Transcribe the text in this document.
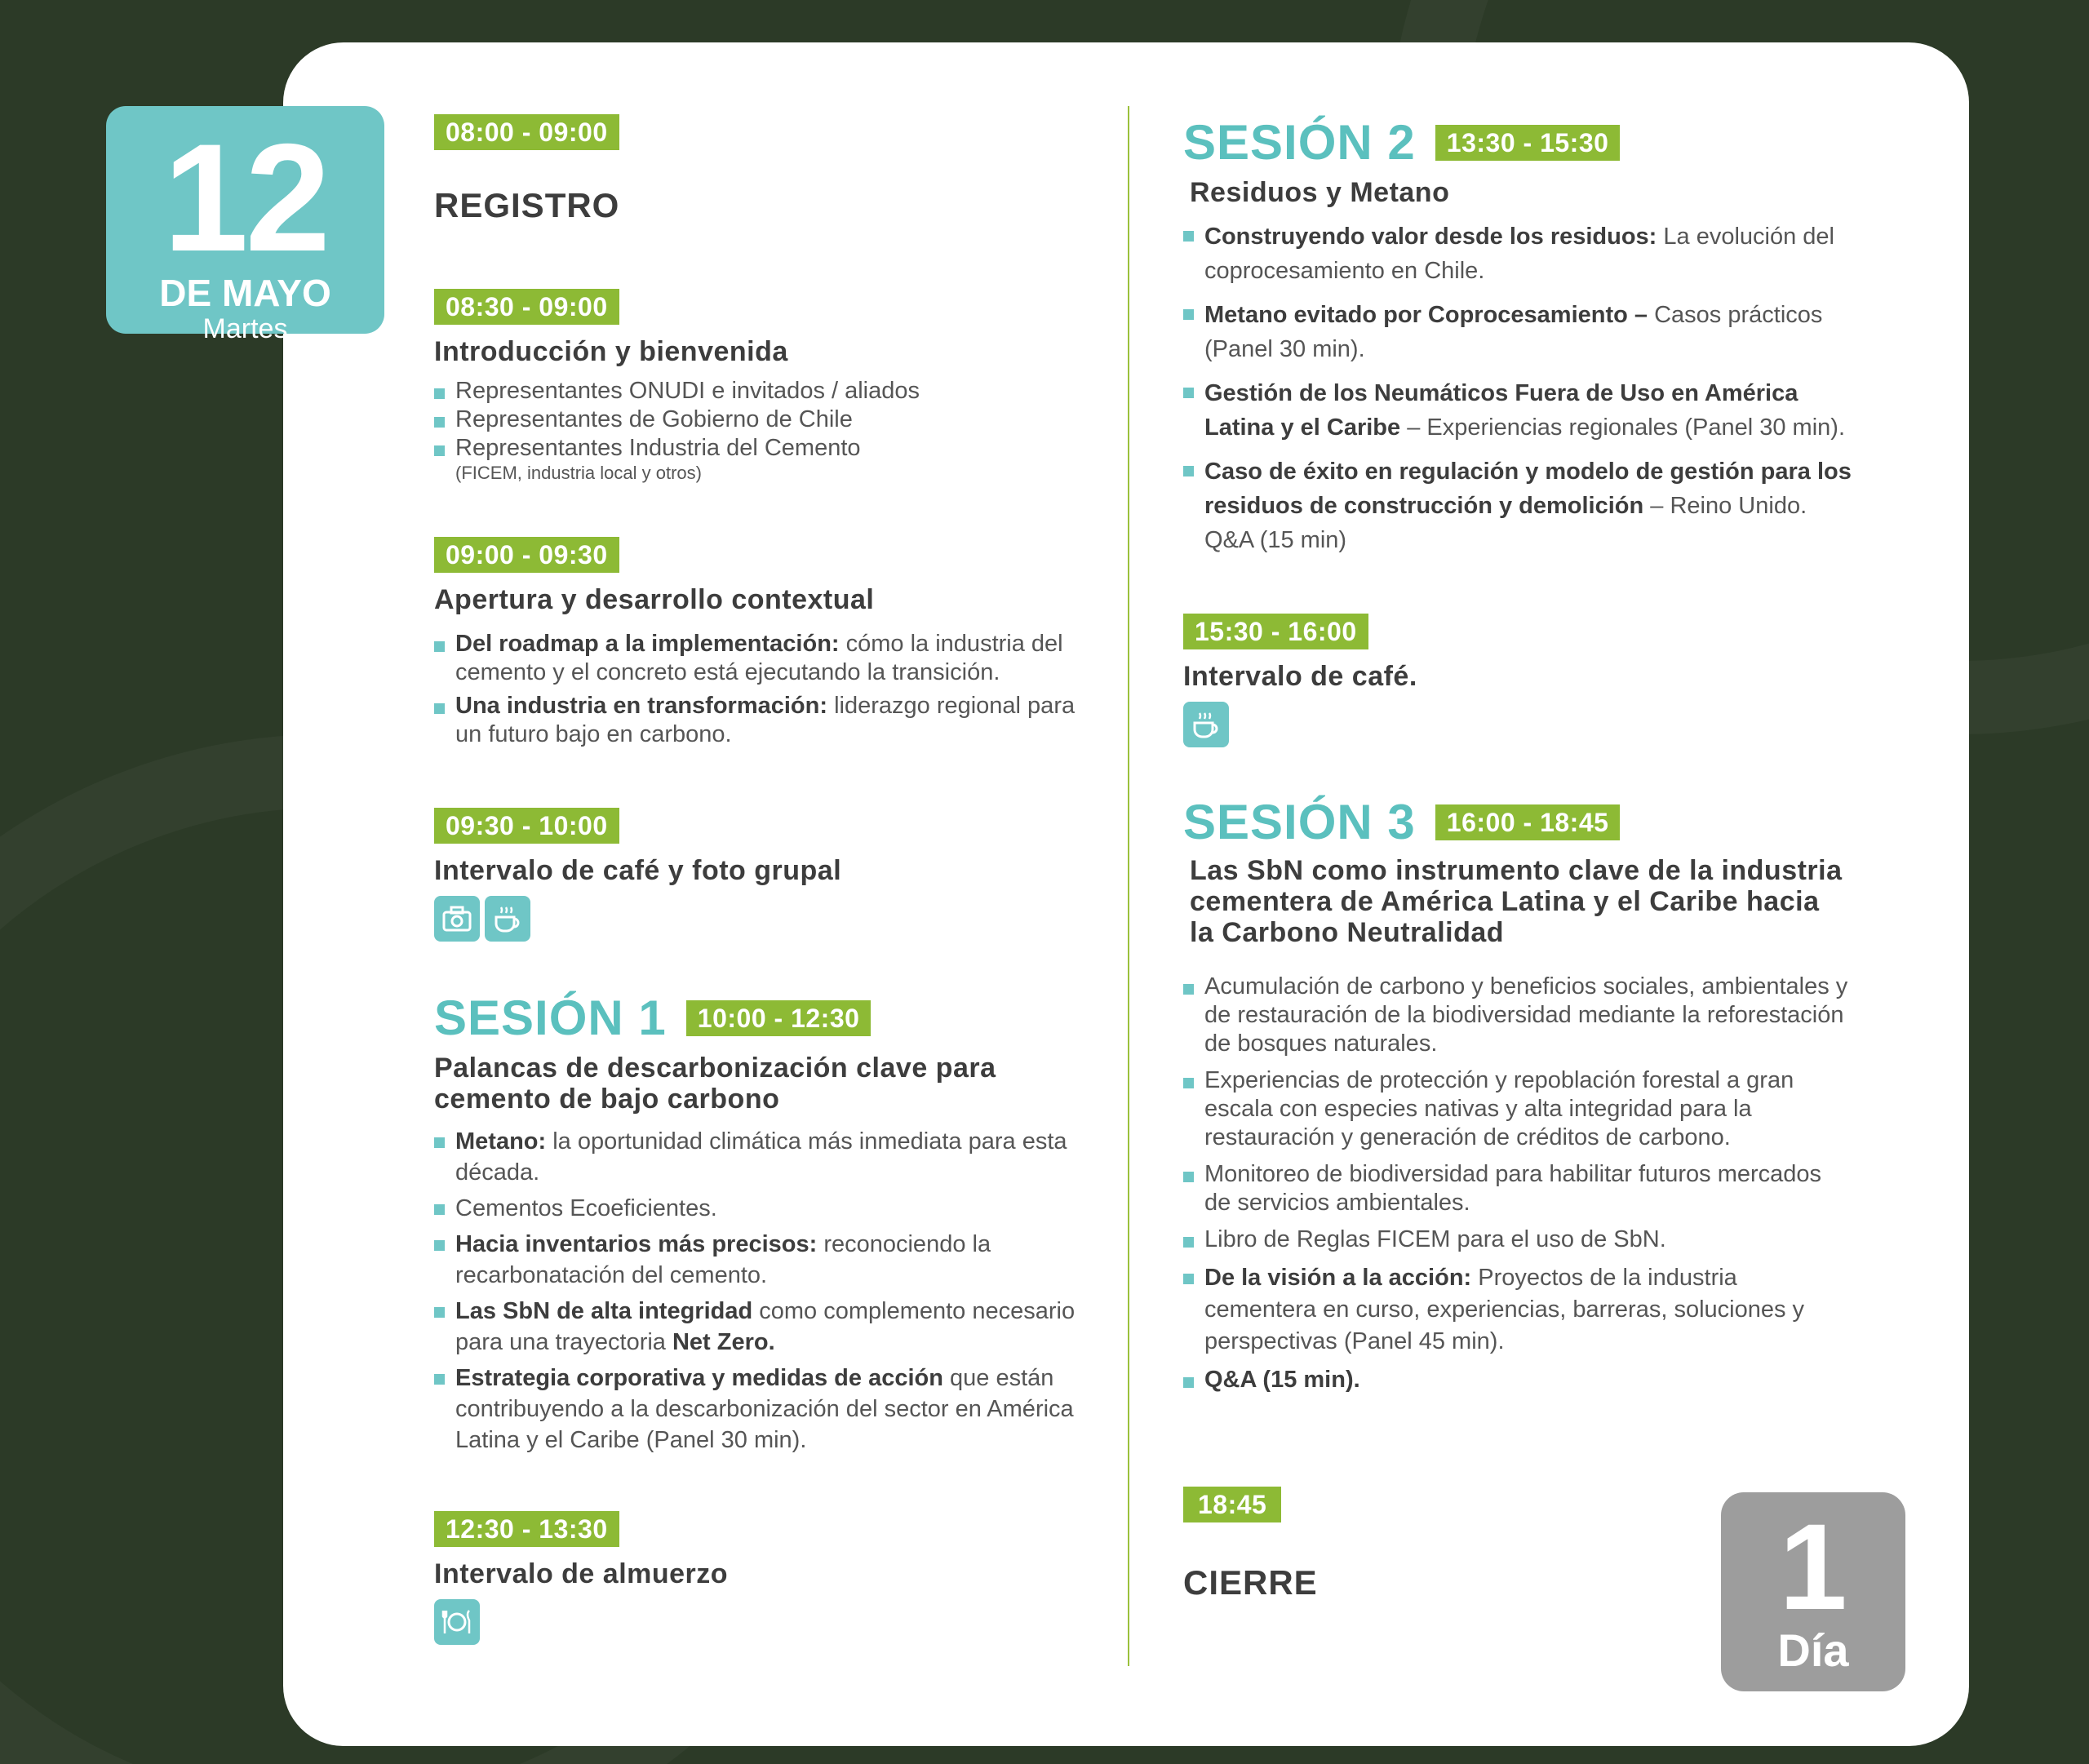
12
DE MAYO
Martes
08:00 - 09:00
REGISTRO
08:30 - 09:00
Introducción y bienvenida
Representantes ONUDI e invitados / aliados
Representantes de Gobierno de Chile
Representantes Industria del Cemento
(FICEM, industria local y otros)
09:00 - 09:30
Apertura y desarrollo contextual
Del roadmap a la implementación: cómo la industria del cemento y el concreto está ejecutando la transición.
Una industria en transformación: liderazgo regional para un futuro bajo en carbono.
09:30 - 10:00
Intervalo de café y foto grupal
SESIÓN 1	10:00 - 12:30
Palancas de descarbonización clave para
cemento de bajo carbono
Metano: la oportunidad climática más inmediata para esta década.
Cementos Ecoeficientes.
Hacia inventarios más precisos: reconociendo la recarbonatación del cemento.
Las SbN de alta integridad como complemento necesario para una trayectoria Net Zero.
Estrategia corporativa y medidas de acción que están contribuyendo a la descarbonización del sector en América Latina y el Caribe (Panel 30 min).
12:30 - 13:30
Intervalo de almuerzo
SESIÓN 2	13:30 - 15:30
Residuos y Metano
Construyendo valor desde los residuos: La evolución del coprocesamiento en Chile.
Metano evitado por Coprocesamiento – Casos prácticos (Panel 30 min).
Gestión de los Neumáticos Fuera de Uso en América Latina y el Caribe – Experiencias regionales (Panel 30 min).
Caso de éxito en regulación y modelo de gestión para los residuos de construcción y demolición – Reino Unido. Q&A (15 min)
15:30 - 16:00
Intervalo de café.
SESIÓN 3	16:00 - 18:45
Las SbN como instrumento clave de la industria
cementera de América Latina y el Caribe hacia
la Carbono Neutralidad
Acumulación de carbono y beneficios sociales, ambientales y de restauración de la biodiversidad mediante la reforestación de bosques naturales.
Experiencias de protección y repoblación forestal a gran escala con especies nativas y alta integridad para la restauración y generación de créditos de carbono.
Monitoreo de biodiversidad para habilitar futuros mercados de servicios ambientales.
Libro de Reglas FICEM para el uso de SbN.
De la visión a la acción: Proyectos de la industria cementera en curso, experiencias, barreras, soluciones y perspectivas (Panel 45 min).
Q&A (15 min).
18:45
CIERRE	1
Día
